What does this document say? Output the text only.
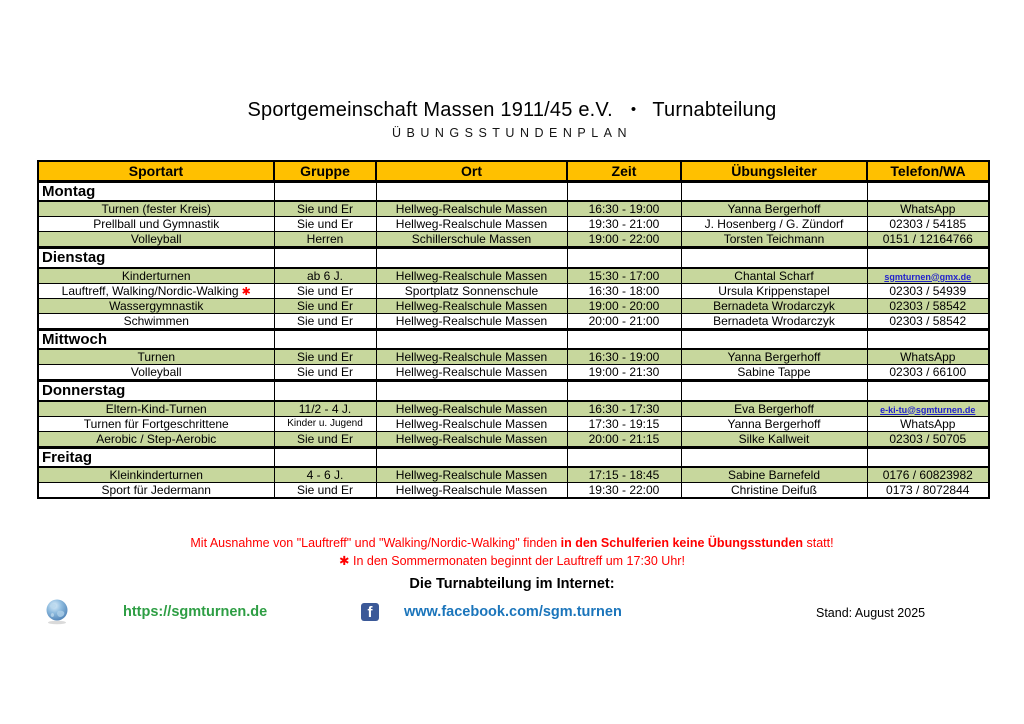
Sportgemeinschaft Massen 1911/45 e.V. • Turnabteilung
ÜBUNGSSTUNDENPLAN
Sportart	Gruppe	Ort	Zeit	Übungsleiter	Telefon/WA
Montag					
Turnen (fester Kreis)	Sie und Er	Hellweg-Realschule Massen	16:30 - 19:00	Yanna Bergerhoff	WhatsApp
Prellball und Gymnastik	Sie und Er	Hellweg-Realschule Massen	19:30 - 21:00	J. Hosenberg / G. Zündorf	02303 / 54185
Volleyball	Herren	Schillerschule Massen	19:00 - 22:00	Torsten Teichmann	0151 / 12164766
Dienstag					
Kinderturnen	ab 6 J.	Hellweg-Realschule Massen	15:30 - 17:00	Chantal Scharf	sgmturnen@gmx.de
Lauftreff, Walking/Nordic-Walking ✱	Sie und Er	Sportplatz Sonnenschule	16:30 - 18:00	Ursula Krippenstapel	02303 / 54939
Wassergymnastik	Sie und Er	Hellweg-Realschule Massen	19:00 - 20:00	Bernadeta Wrodarczyk	02303 / 58542
Schwimmen	Sie und Er	Hellweg-Realschule Massen	20:00 - 21:00	Bernadeta Wrodarczyk	02303 / 58542
Mittwoch					
Turnen	Sie und Er	Hellweg-Realschule Massen	16:30 - 19:00	Yanna Bergerhoff	WhatsApp
Volleyball	Sie und Er	Hellweg-Realschule Massen	19:00 - 21:30	Sabine Tappe	02303 / 66100
Donnerstag					
Eltern-Kind-Turnen	11/2 - 4 J.	Hellweg-Realschule Massen	16:30 - 17:30	Eva Bergerhoff	e-ki-tu@sgmturnen.de
Turnen für Fortgeschrittene	Kinder u. Jugend	Hellweg-Realschule Massen	17:30 - 19:15	Yanna Bergerhoff	WhatsApp
Aerobic / Step-Aerobic	Sie und Er	Hellweg-Realschule Massen	20:00 - 21:15	Silke Kallweit	02303 / 50705
Freitag					
Kleinkinderturnen	4 - 6 J.	Hellweg-Realschule Massen	17:15 - 18:45	Sabine Barnefeld	0176 / 60823982
Sport für Jedermann	Sie und Er	Hellweg-Realschule Massen	19:30 - 22:00	Christine Deifuß	0173 / 8072844
Mit Ausnahme von "Lauftreff" und "Walking/Nordic-Walking" finden in den Schulferien keine Übungsstunden statt!
✱ In den Sommermonaten beginnt der Lauftreff um 17:30 Uhr!
Die Turnabteilung im Internet:
https://sgmturnen.de	f	www.facebook.com/sgm.turnen	Stand: August 2025
